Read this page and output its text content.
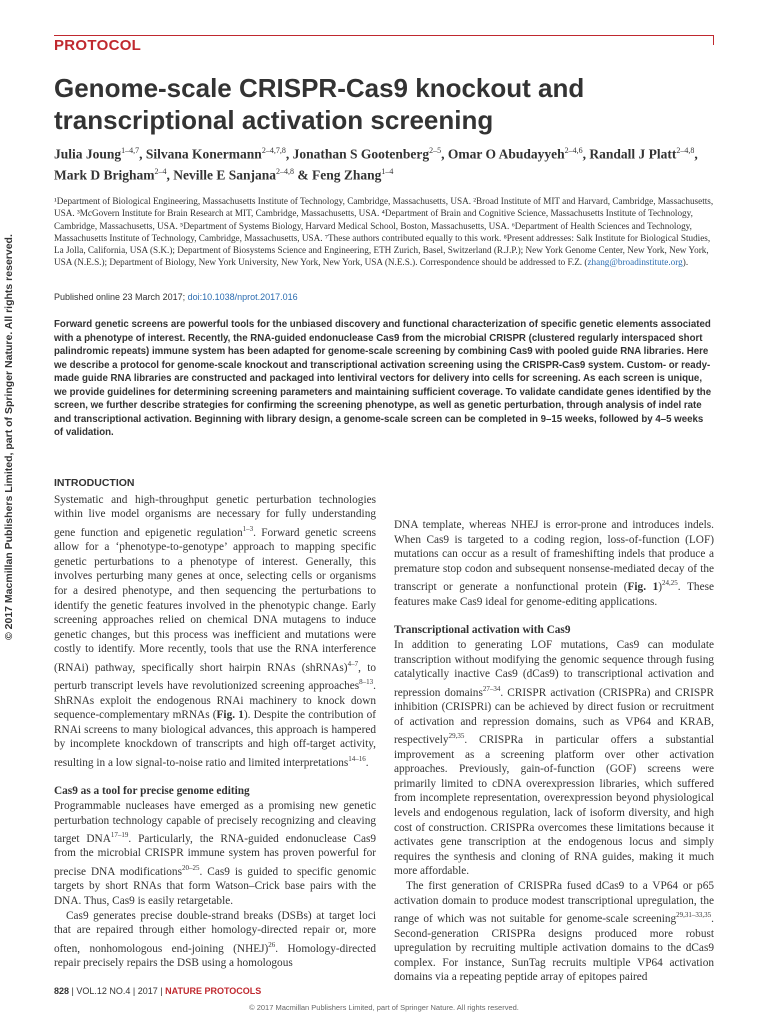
PROTOCOL
Genome-scale CRISPR-Cas9 knockout and transcriptional activation screening
Julia Joung$^{1-4,7}$, Silvana Konermann$^{2-4,7,8}$, Jonathan S Gootenberg$^{2-5}$, Omar O Abudayyeh$^{2-4,6}$, Randall J Platt$^{2-4,8}$, Mark D Brigham$^{2-4}$, Neville E Sanjana$^{2-4,8}$ & Feng Zhang$^{1-4}$
¹Department of Biological Engineering, Massachusetts Institute of Technology, Cambridge, Massachusetts, USA. ²Broad Institute of MIT and Harvard, Cambridge, Massachusetts, USA. ³McGovern Institute for Brain Research at MIT, Cambridge, Massachusetts, USA. ⁴Department of Brain and Cognitive Science, Massachusetts Institute of Technology, Cambridge, Massachusetts, USA. ⁵Department of Systems Biology, Harvard Medical School, Boston, Massachusetts, USA. ⁶Department of Health Sciences and Technology, Massachusetts Institute of Technology, Cambridge, Massachusetts, USA. ⁷These authors contributed equally to this work. ⁸Present addresses: Salk Institute for Biological Studies, La Jolla, California, USA (S.K.); Department of Biosystems Science and Engineering, ETH Zurich, Basel, Switzerland (R.J.P.); New York Genome Center, New York, New York, USA (N.E.S.); Department of Biology, New York University, New York, New York, USA (N.E.S.). Correspondence should be addressed to F.Z. (zhang@broadinstitute.org).
Published online 23 March 2017; doi:10.1038/nprot.2017.016
Forward genetic screens are powerful tools for the unbiased discovery and functional characterization of specific genetic elements associated with a phenotype of interest. Recently, the RNA-guided endonuclease Cas9 from the microbial CRISPR (clustered regularly interspaced short palindromic repeats) immune system has been adapted for genome-scale screening by combining Cas9 with pooled guide RNA libraries. Here we describe a protocol for genome-scale knockout and transcriptional activation screening using the CRISPR-Cas9 system. Custom- or ready-made guide RNA libraries are constructed and packaged into lentiviral vectors for delivery into cells for screening. As each screen is unique, we provide guidelines for determining screening parameters and maintaining sufficient coverage. To validate candidate genes identified by the screen, we further describe strategies for confirming the screening phenotype, as well as genetic perturbation, through analysis of indel rate and transcriptional activation. Beginning with library design, a genome-scale screen can be completed in 9–15 weeks, followed by 4–5 weeks of validation.
© 2017 Macmillan Publishers Limited, part of Springer Nature. All rights reserved.	INTRODUCTION

Systematic and high-throughput genetic perturbation technologies within live model organisms are necessary for fully understanding gene function and epigenetic regulation$^{1-3}$. Forward genetic screens allow for a ‘phenotype-to-genotype’ approach to mapping specific genetic perturbations to a phenotype of interest. Generally, this involves perturbing many genes at once, selecting cells or organisms for a desired phenotype, and then sequencing the perturbations to identify the genetic features involved in the phenotypic change. Early screening approaches relied on chemical DNA mutagens to induce genetic changes, but this process was inefficient and mutations were costly to identify. More recently, tools that use the RNA interference (RNAi) pathway, specifically short hairpin RNAs (shRNAs)$^{4-7}$, to perturb transcript levels have revolutionized screening approaches$^{8-13}$. ShRNAs exploit the endogenous RNAi machinery to knock down sequence-complementary mRNAs (Fig. 1). Despite the contribution of RNAi screens to many biological advances, this approach is hampered by incomplete knockdown of transcripts and high off-target activity, resulting in a low signal-to-noise ratio and limited interpretations$^{14-16}$.

Cas9 as a tool for precise genome editing

Programmable nucleases have emerged as a promising new genetic perturbation technology capable of precisely recognizing and cleaving target DNA$^{17-19}$. Particularly, the RNA-guided endonuclease Cas9 from the microbial CRISPR immune system has proven powerful for precise DNA modifications$^{20-25}$. Cas9 is guided to specific genomic targets by short RNAs that form Watson–Crick base pairs with the DNA. Thus, Cas9 is easily retargetable.

Cas9 generates precise double-strand breaks (DSBs) at target loci that are repaired through either homology-directed repair or, more often, nonhomologous end-joining (NHEJ)$^{26}$. Homology-directed repair precisely repairs the DSB using a homologous

DNA template, whereas NHEJ is error-prone and introduces indels. When Cas9 is targeted to a coding region, loss-of-function (LOF) mutations can occur as a result of frameshifting indels that produce a premature stop codon and subsequent nonsense-mediated decay of the transcript or generate a nonfunctional protein (Fig. 1)$^{24,25}$. These features make Cas9 ideal for genome-editing applications.

Transcriptional activation with Cas9

In addition to generating LOF mutations, Cas9 can modulate transcription without modifying the genomic sequence through fusing catalytically inactive Cas9 (dCas9) to transcriptional activation and repression domains$^{27-34}$. CRISPR activation (CRISPRa) and CRISPR inhibition (CRISPRi) can be achieved by direct fusion or recruitment of activation and repression domains, such as VP64 and KRAB, respectively$^{29,35}$. CRISPRa in particular offers a substantial improvement as a screening platform over other activation approaches. Previously, gain-of-function (GOF) screens were primarily limited to cDNA overexpression libraries, which suffered from incomplete representation, overexpression beyond physiological levels and endogenous regulation, lack of isoform diversity, and high cost of construction. CRISPRa overcomes these limitations because it activates gene transcription at the endogenous locus and simply requires the synthesis and cloning of RNA guides, making it much more affordable.

The first generation of CRISPRa fused dCas9 to a VP64 or p65 activation domain to produce modest transcriptional upregulation, the range of which was not suitable for genome-scale screening$^{29,31-33,35}$. Second-generation CRISPRa designs produced more robust upregulation by recruiting multiple activation domains to the dCas9 complex. For instance, SunTag recruits multiple VP64 activation domains via a repeating peptide array of epitopes paired

828 | VOL.12 NO.4 | 2017 | NATURE PROTOCOLS
© 2017 Macmillan Publishers Limited, part of Springer Nature. All rights reserved.
